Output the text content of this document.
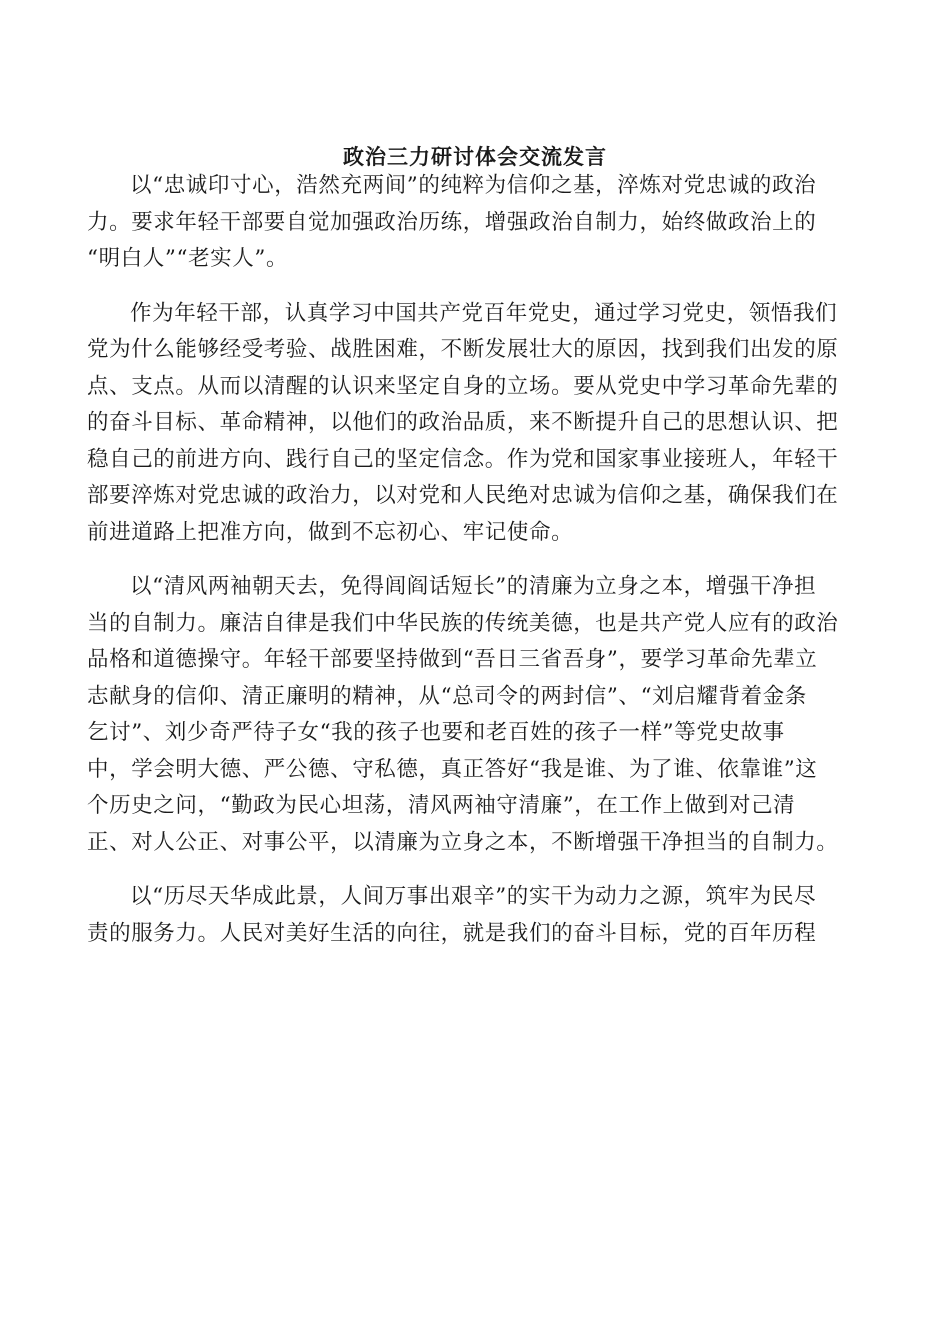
政治三力研讨体会交流发言

以“忠诚印寸心，浩然充两间”的纯粹为信仰之基，淬炼对党忠诚的政治
力。要求年轻干部要自觉加强政治历练，增强政治自制力，始终做政治上的
“明白人”“老实人”。

作为年轻干部，认真学习中国共产党百年党史，通过学习党史，领悟我们
党为什么能够经受考验、战胜困难，不断发展壮大的原因，找到我们出发的原
点、支点。从而以清醒的认识来坚定自身的立场。要从党史中学习革命先辈的
的奋斗目标、革命精神，以他们的政治品质，来不断提升自己的思想认识、把
稳自己的前进方向、践行自己的坚定信念。作为党和国家事业接班人，年轻干
部要淬炼对党忠诚的政治力，以对党和人民绝对忠诚为信仰之基，确保我们在
前进道路上把准方向，做到不忘初心、牢记使命。

以“清风两袖朝天去，免得闾阎话短长”的清廉为立身之本，增强干净担
当的自制力。廉洁自律是我们中华民族的传统美德，也是共产党人应有的政治
品格和道德操守。年轻干部要坚持做到“吾日三省吾身”，要学习革命先辈立
志献身的信仰、清正廉明的精神，从“总司令的两封信”、“刘启耀背着金条
乞讨”、刘少奇严待子女“我的孩子也要和老百姓的孩子一样”等党史故事
中，学会明大德、严公德、守私德，真正答好“我是谁、为了谁、依靠谁”这
个历史之问，“勤政为民心坦荡，清风两袖守清廉”，在工作上做到对己清
正、对人公正、对事公平，以清廉为立身之本，不断增强干净担当的自制力。

以“历尽天华成此景，人间万事出艰辛”的实干为动力之源，筑牢为民尽
责的服务力。人民对美好生活的向往，就是我们的奋斗目标，党的百年历程
